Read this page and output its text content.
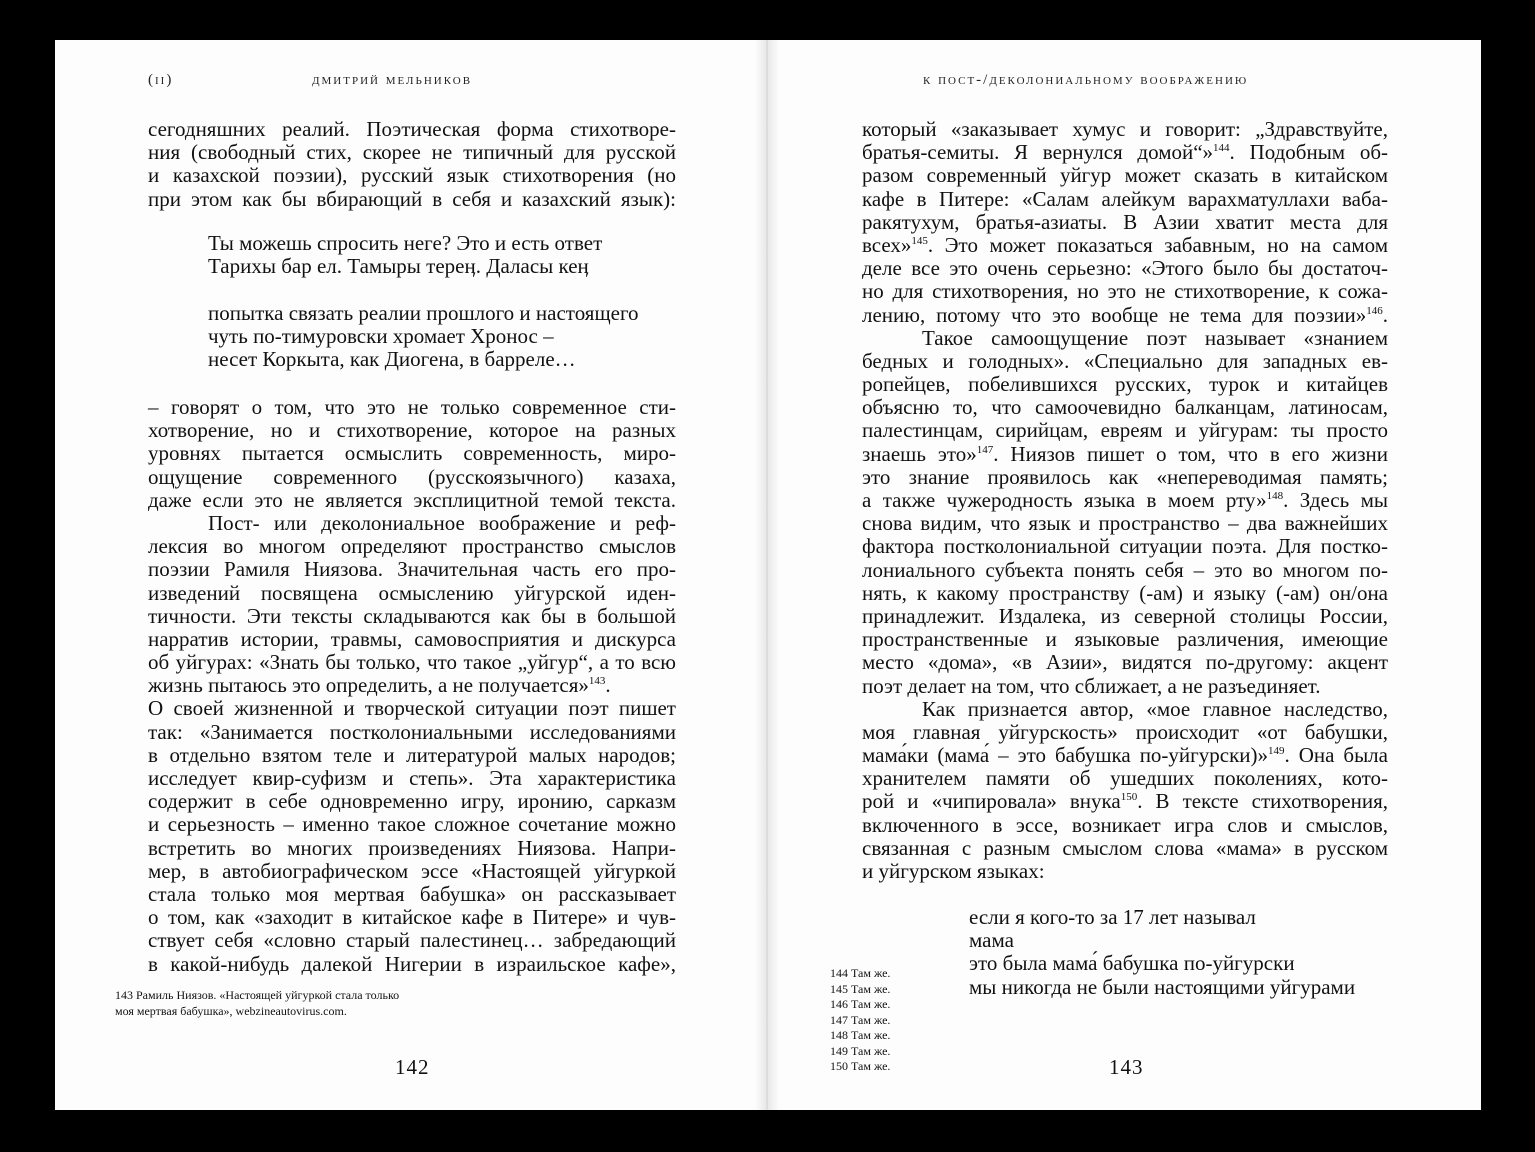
(ii)	дмитрий мельников
сегодняшних реалий. Поэтическая форма стихотворе-
ния (свободный стих, скорее не типичный для русской
и казахской поэзии), русский язык стихотворения (но
при этом как бы вбирающий в себя и казахский язык):
Ты можешь спросить неге? Это и есть ответ
Тарихы бар ел. Тамыры тереӊ. Даласы кеӊ
попытка связать реалии прошлого и настоящего
чуть по-тимуровски хромает Хронос –
несет Коркыта, как Диогена, в барреле…
– говорят о том, что это не только современное сти-
хотворение, но и стихотворение, которое на разных
уровнях пытается осмыслить современность, миро-
ощущение современного (русскоязычного) казаха,
даже если это не является эксплицитной темой текста.
Пост- или деколониальное воображение и реф-
лексия во многом определяют пространство смыслов
поэзии Рамиля Ниязова. Значительная часть его про-
изведений посвящена осмыслению уйгурской иден-
тичности. Эти тексты складываются как бы в большой
нарратив истории, травмы, самовосприятия и дискурса
об уйгурах: «Знать бы только, что такое „уйгур“, а то всю
жизнь пытаюсь это определить, а не получается»$^{143}$.
О своей жизненной и творческой ситуации поэт пишет
так: «Занимается постколониальными исследованиями
в отдельно взятом теле и литературой малых народов;
исследует квир-суфизм и степь». Эта характеристика
содержит в себе одновременно игру, иронию, сарказм
и серьезность – именно такое сложное сочетание можно
встретить во многих произведениях Ниязова. Напри-
мер, в автобиографическом эссе «Настоящей уйгуркой
стала только моя мертвая бабушка» он рассказывает
о том, как «заходит в китайское кафе в Питере» и чув-
ствует себя «словно старый палестинец… забредающий
в какой-нибудь далекой Нигерии в израильское кафе»,
143 Рамиль Ниязов. «Настоящей уйгуркой стала только
моя мертвая бабушка», webzineautovirus.com.
142
к пост-/деколониальному воображению
который «заказывает хумус и говорит: „Здравствуйте,
братья-семиты. Я вернулся домой“»$^{144}$. Подобным об-
разом современный уйгур может сказать в китайском
кафе в Питере: «Салам алейкум варахматуллахи ваба-
ракятухум, братья-азиаты. В Азии хватит места для
всех»$^{145}$. Это может показаться забавным, но на самом
деле все это очень серьезно: «Этого было бы достаточ-
но для стихотворения, но это не стихотворение, к сожа-
лению, потому что это вообще не тема для поэзии»$^{146}$.
Такое самоощущение поэт называет «знанием
бедных и голодных». «Специально для западных ев-
ропейцев, побелившихся русских, турок и китайцев
объясню то, что самоочевидно балканцам, латиносам,
палестинцам, сирийцам, евреям и уйгурам: ты просто
знаешь это»$^{147}$. Ниязов пишет о том, что в его жизни
это знание проявилось как «непереводимая память;
а также чужеродность языка в моем рту»$^{148}$. Здесь мы
снова видим, что язык и пространство – два важнейших
фактора постколониальной ситуации поэта. Для постко-
лониального субъекта понять себя – это во многом по-
нять, к какому пространству (-ам) и языку (-ам) он/она
принадлежит. Издалека, из северной столицы России,
пространственные и языковые различения, имеющие
место «дома», «в Азии», видятся по-другому: акцент
поэт делает на том, что сближает, а не разъединяет.
Как признается автор, «мое главное наследство,
моя главная уйгурскость» происходит «от бабушки,
мама́ки (мама́ – это бабушка по-уйгурски)»$^{149}$. Она была
хранителем памяти об ушедших поколениях, кото-
рой и «чипировала» внука$^{150}$. В тексте стихотворения,
включенного в эссе, возникает игра слов и смыслов,
связанная с разным смыслом слова «мама» в русском
и уйгурском языках:
если я кого-то за 17 лет называл
мама
это была мама́ бабушка по-уйгурски
мы никогда не были настоящими уйгурами
144 Там же.
145 Там же.
146 Там же.
147 Там же.
148 Там же.
149 Там же.
150 Там же.	143
